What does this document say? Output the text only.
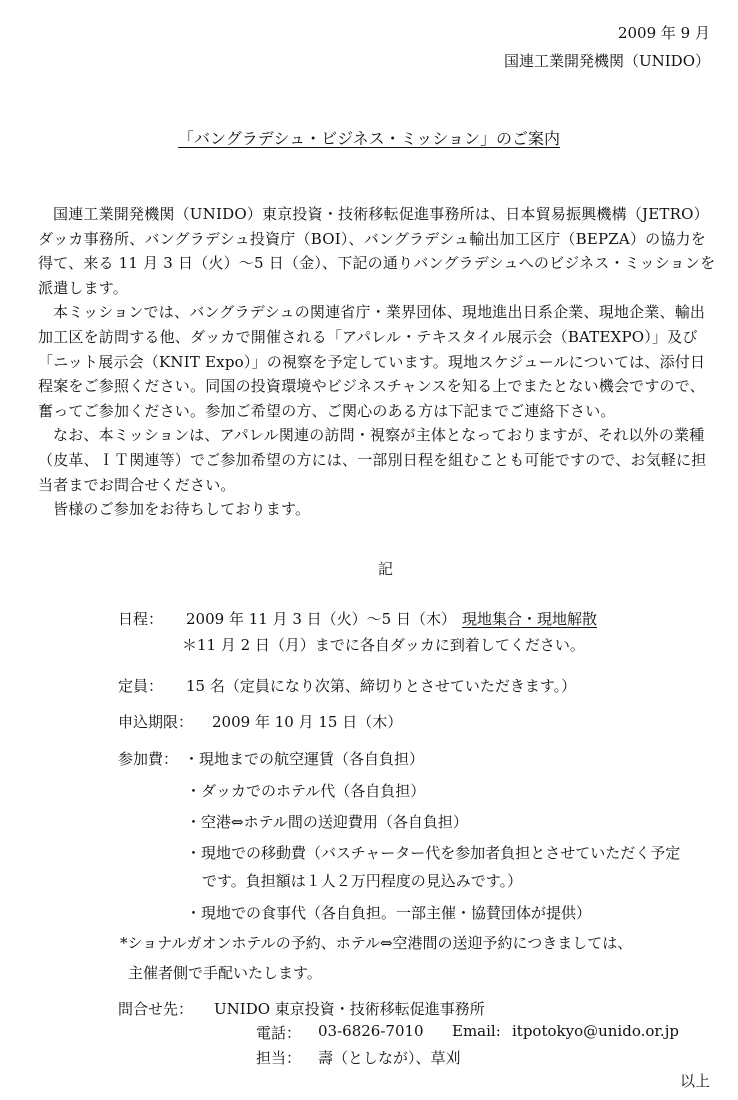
2009 年 9 月
国連工業開発機関（UNIDO）
「バングラデシュ・ビジネス・ミッション」のご案内

国連工業開発機関（UNIDO）東京投資・技術移転促進事務所は、日本貿易振興機構（JETRO）ダッカ事務所、バングラデシュ投資庁（BOI）、バングラデシュ輸出加工区庁（BEPZA）の協力を得て、来る 11 月 3 日（火）～5 日（金）、下記の通りバングラデシュへのビジネス・ミッションを派遣します。

本ミッションでは、バングラデシュの関連省庁・業界団体、現地進出日系企業、現地企業、輸出加工区を訪問する他、ダッカで開催される「アパレル・テキスタイル展示会（BATEXPO）」及び「ニット展示会（KNIT Expo）」の視察を予定しています。現地スケジュールについては、添付日程案をご参照ください。同国の投資環境やビジネスチャンスを知る上でまたとない機会ですので、奮ってご参加ください。参加ご希望の方、ご関心のある方は下記までご連絡下さい。

なお、本ミッションは、アパレル関連の訪問・視察が主体となっておりますが、それ以外の業種（皮革、ＩＴ関連等）でご参加希望の方には、一部別日程を組むことも可能ですので、お気軽に担当者までお問合せください。

皆様のご参加をお待ちしております。

記
日程： 2009 年 11 月 3 日（火）～5 日（木） 現地集合・現地解散
＊11 月 2 日（月）までに各自ダッカに到着してください。
定員： 15 名（定員になり次第、締切りとさせていただきます。）
申込期限： 2009 年 10 月 15 日（木）
参加費： ・現地までの航空運賃（各自負担）
・ダッカでのホテル代（各自負担）
・空港⇔ホテル間の送迎費用（各自負担）
・現地での移動費（バスチャーター代を参加者負担とさせていただく予定
です。負担額は１人２万円程度の見込みです。）
・現地での食事代（各自負担。一部主催・協賛団体が提供）
*ショナルガオンホテルの予約、ホテル⇔空港間の送迎予約につきましては、
主催者側で手配いたします。
問合せ先： UNIDO 東京投資・技術移転促進事務所
電話： 03-6826-7010 Email: itpotokyo@unido.or.jp
担当： 壽（としなが）、草刈
以上
